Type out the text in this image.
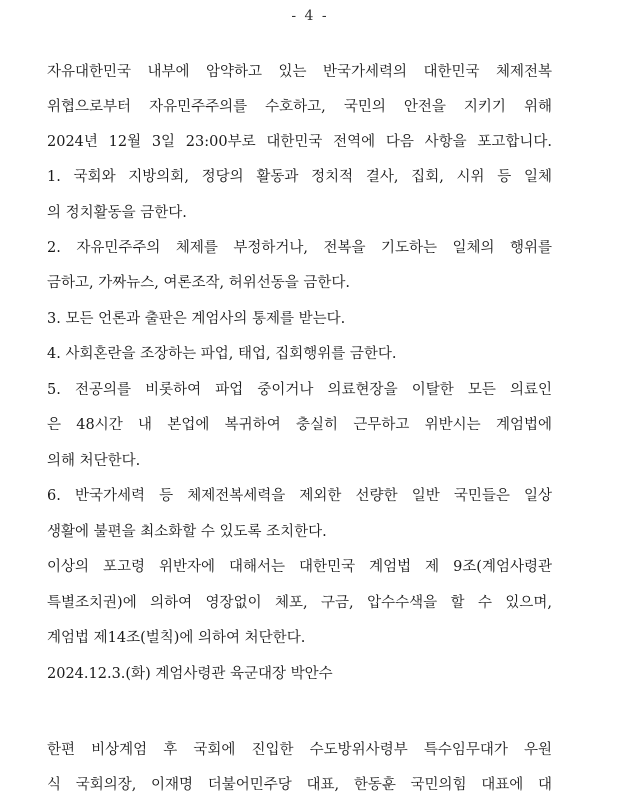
- 4 -
자유대한민국 내부에 암약하고 있는 반국가세력의 대한민국 체제전복
위협으로부터 자유민주주의를 수호하고, 국민의 안전을 지키기 위해
2024년 12월 3일 23:00부로 대한민국 전역에 다음 사항을 포고합니다.
1. 국회와 지방의회, 정당의 활동과 정치적 결사, 집회, 시위 등 일체
의 정치활동을 금한다.
2. 자유민주주의 체제를 부정하거나, 전복을 기도하는 일체의 행위를
금하고, 가짜뉴스, 여론조작, 허위선동을 금한다.
3. 모든 언론과 출판은 계엄사의 통제를 받는다.
4. 사회혼란을 조장하는 파업, 태업, 집회행위를 금한다.
5. 전공의를 비롯하여 파업 중이거나 의료현장을 이탈한 모든 의료인
은 48시간 내 본업에 복귀하여 충실히 근무하고 위반시는 계엄법에
의해 처단한다.
6. 반국가세력 등 체제전복세력을 제외한 선량한 일반 국민들은 일상
생활에 불편을 최소화할 수 있도록 조치한다.
이상의 포고령 위반자에 대해서는 대한민국 계엄법 제 9조(계엄사령관
특별조치권)에 의하여 영장없이 체포, 구금, 압수수색을 할 수 있으며,
계엄법 제14조(벌칙)에 의하여 처단한다.
2024.12.3.(화) 계엄사령관 육군대장 박안수
한편 비상계엄 후 국회에 진입한 수도방위사령부 특수임무대가 우원
식 국회의장, 이재명 더불어민주당 대표, 한동훈 국민의힘 대표에 대
